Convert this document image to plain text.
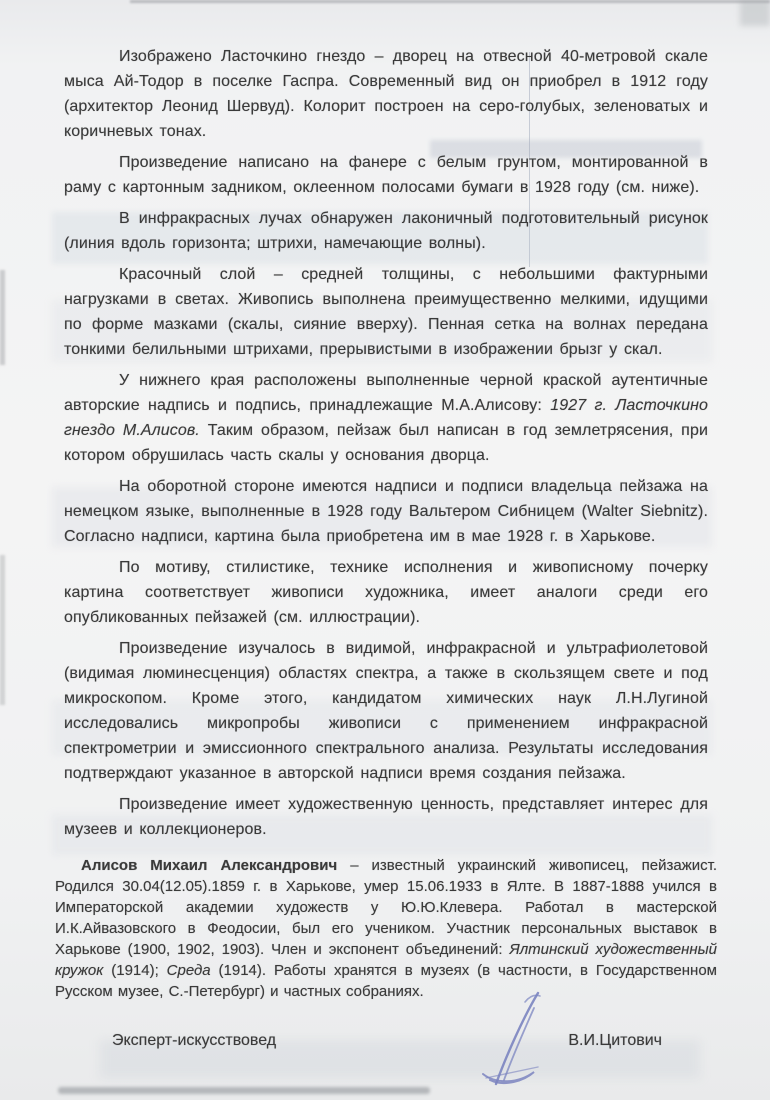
Изображено Ласточкино гнездо – дворец на отвесной 40-метровой скале мыса Ай-Тодор в поселке Гаспра. Современный вид он приобрел в 1912 году (архитектор Леонид Шервуд). Колорит построен на серо-голубых, зеленоватых и коричневых тонах.

Произведение написано на фанере с белым грунтом, монтированной в раму с картонным задником, оклеенном полосами бумаги в 1928 году (см. ниже).

В инфракрасных лучах обнаружен лаконичный подготовительный рисунок (линия вдоль горизонта; штрихи, намечающие волны).

Красочный слой – средней толщины, с небольшими фактурными нагрузками в светах. Живопись выполнена преимущественно мелкими, идущими по форме мазками (скалы, сияние вверху). Пенная сетка на волнах передана тонкими белильными штрихами, прерывистыми в изображении брызг у скал.

У нижнего края расположены выполненные черной краской аутентичные авторские надпись и подпись, принадлежащие М.А.Алисову: 1927 г. Ласточкино гнездо М.Алисов. Таким образом, пейзаж был написан в год землетрясения, при котором обрушилась часть скалы у основания дворца.

На оборотной стороне имеются надписи и подписи владельца пейзажа на немецком языке, выполненные в 1928 году Вальтером Сибницем (Walter Siebnitz). Согласно надписи, картина была приобретена им в мае 1928 г. в Харькове.

По мотиву, стилистике, технике исполнения и живописному почерку картина соответствует живописи художника, имеет аналоги среди его опубликованных пейзажей (см. иллюстрации).

Произведение изучалось в видимой, инфракрасной и ультрафиолетовой (видимая люминесценция) областях спектра, а также в скользящем свете и под микроскопом. Кроме этого, кандидатом химических наук Л.Н.Лугиной исследовались микропробы живописи с применением инфракрасной спектрометрии и эмиссионного спектрального анализа. Результаты исследования подтверждают указанное в авторской надписи время создания пейзажа.

Произведение имеет художественную ценность, представляет интерес для музеев и коллекционеров.

Алисов Михаил Александрович – известный украинский живописец, пейзажист. Родился 30.04(12.05).1859 г. в Харькове, умер 15.06.1933 в Ялте. В 1887-1888 учился в Императорской академии художеств у Ю.Ю.Клевера. Работал в мастерской И.К.Айвазовского в Феодосии, был его учеником. Участник персональных выставок в Харькове (1900, 1902, 1903). Член и экспонент объединений: Ялтинский художественный кружок (1914); Среда (1914). Работы хранятся в музеях (в частности, в Государственном Русском музее, С.-Петербург) и частных собраниях.

Эксперт-искусствовед	В.И.Цитович
